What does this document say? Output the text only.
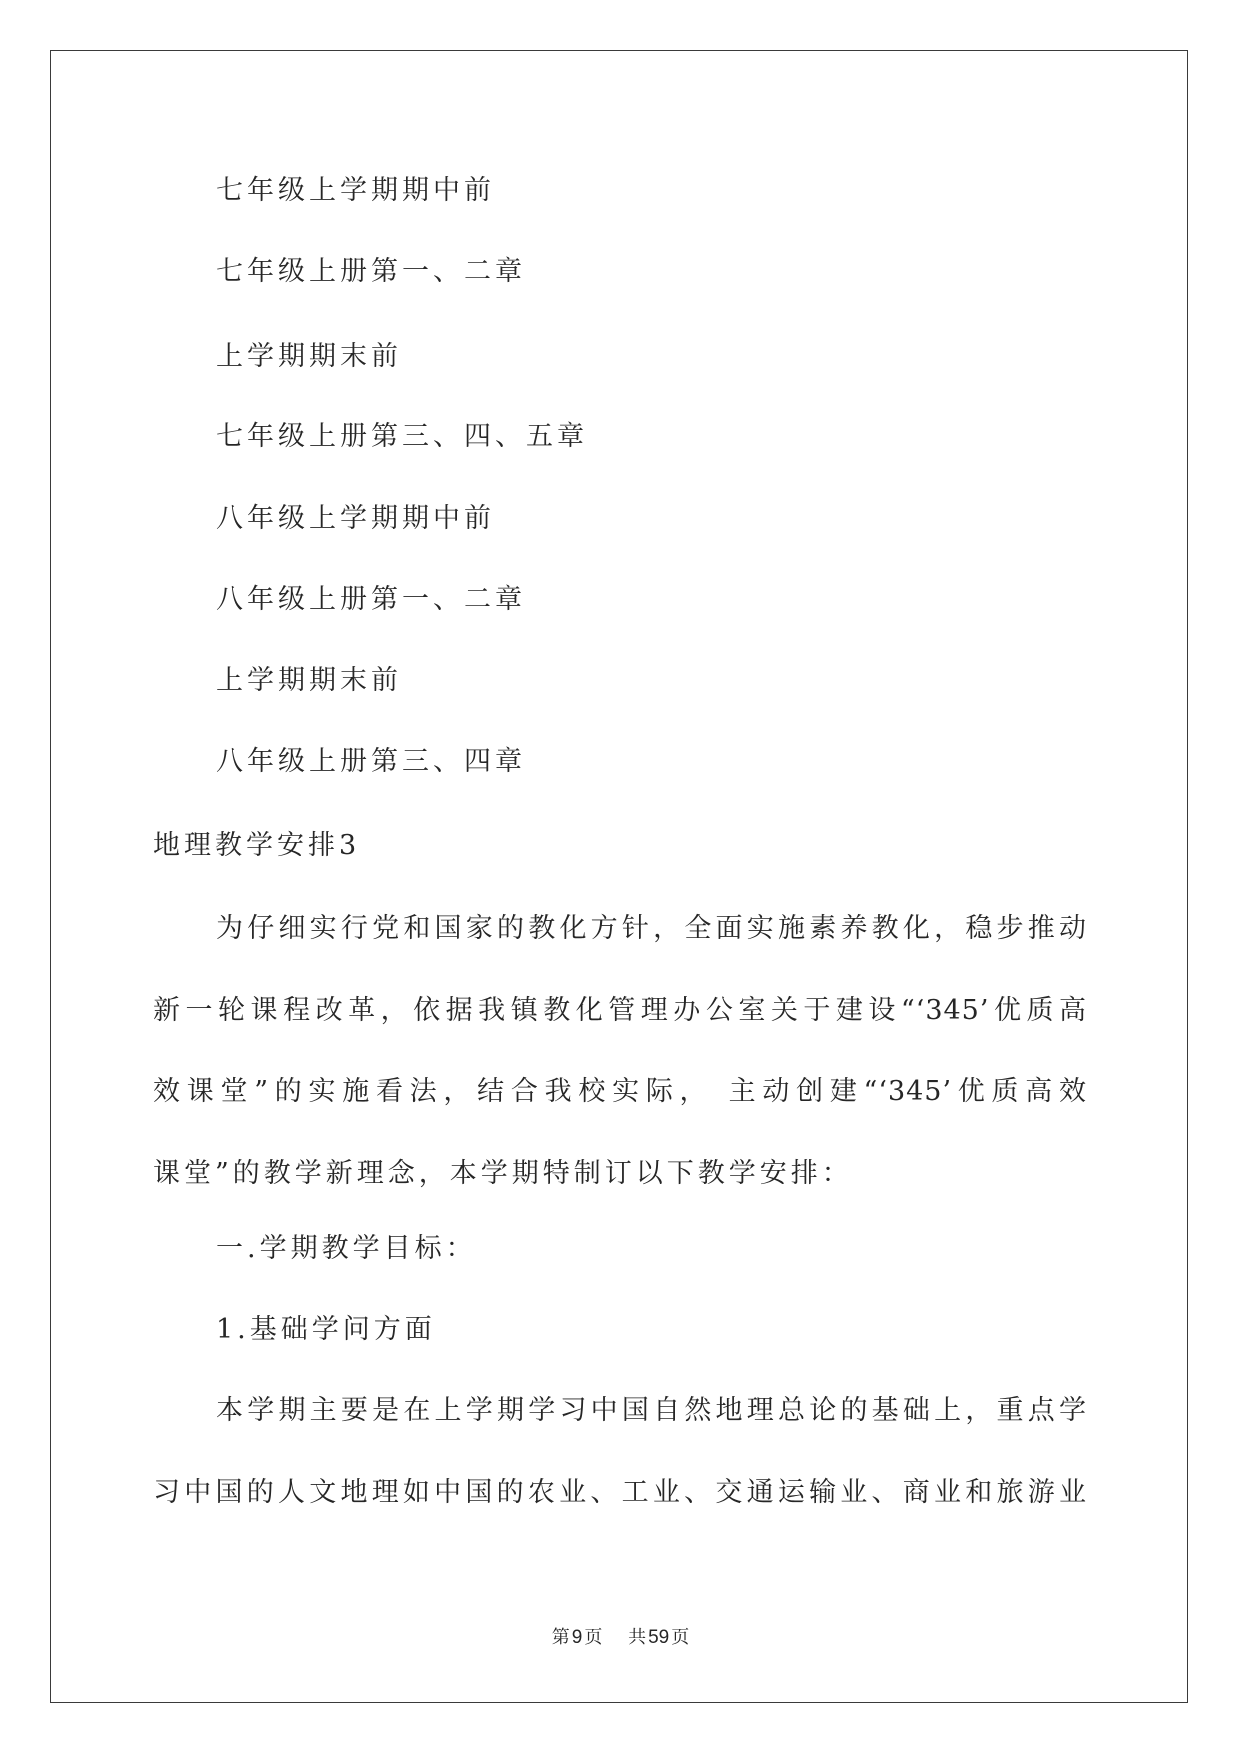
七年级上学期期中前
七年级上册第一、二章
上学期期末前
七年级上册第三、四、五章
八年级上学期期中前
八年级上册第一、二章
上学期期末前
八年级上册第三、四章
地理教学安排3
为仔细实行党和国家的教化方针，全面实施素养教化，稳步推动
新一轮课程改革，依据我镇教化管理办公室关于建设“‘345’优质高
效课堂”的实施看法，结合我校实际， 主动创建“‘345’优质高效
课堂”的教学新理念，本学期特制订以下教学安排：
一.学期教学目标：
1.基础学问方面
本学期主要是在上学期学习中国自然地理总论的基础上，重点学
习中国的人文地理如中国的农业、工业、交通运输业、商业和旅游业
第 9 页 共 59 页
